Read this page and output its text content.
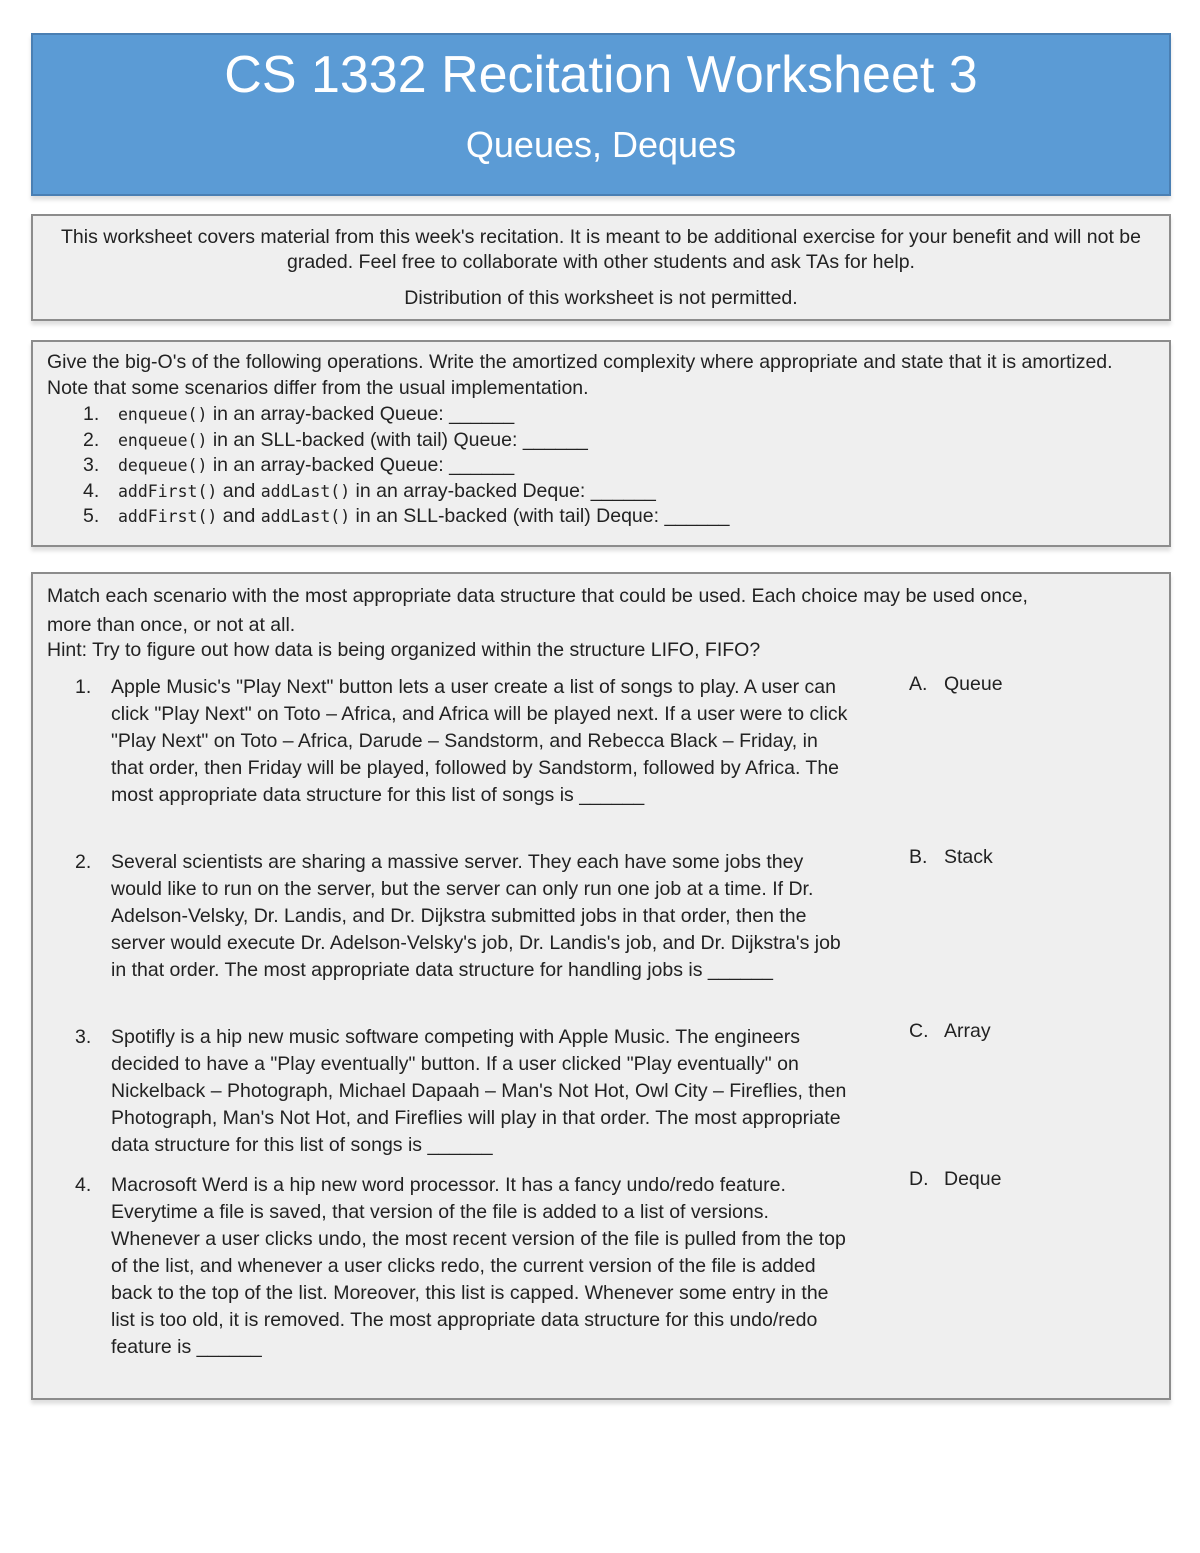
CS 1332 Recitation Worksheet 3
Queues, Deques

This worksheet covers material from this week's recitation. It is meant to be additional exercise for your benefit and will not be graded. Feel free to collaborate with other students and ask TAs for help.

Distribution of this worksheet is not permitted.

Give the big-O's of the following operations. Write the amortized complexity where appropriate and state that it is amortized. Note that some scenarios differ from the usual implementation.

1.	enqueue() in an array-backed Queue: ______
2.	enqueue() in an SLL-backed (with tail) Queue: ______
3.	dequeue() in an array-backed Queue: ______
4.	addFirst() and addLast() in an array-backed Deque: ______
5.	addFirst() and addLast() in an SLL-backed (with tail) Deque: ______

Match each scenario with the most appropriate data structure that could be used. Each choice may be used once, more than once, or not at all.

Hint: Try to figure out how data is being organized within the structure LIFO, FIFO?

1. Apple Music's "Play Next" button lets a user create a list of songs to play. A user can click "Play Next" on Toto – Africa, and Africa will be played next. If a user were to click "Play Next" on Toto – Africa, Darude – Sandstorm, and Rebecca Black – Friday, in that order, then Friday will be played, followed by Sandstorm, followed by Africa. The most appropriate data structure for this list of songs is ______

2. Several scientists are sharing a massive server. They each have some jobs they would like to run on the server, but the server can only run one job at a time. If Dr. Adelson-Velsky, Dr. Landis, and Dr. Dijkstra submitted jobs in that order, then the server would execute Dr. Adelson-Velsky's job, Dr. Landis's job, and Dr. Dijkstra's job in that order. The most appropriate data structure for handling jobs is ______

3. Spotifly is a hip new music software competing with Apple Music. The engineers decided to have a "Play eventually" button. If a user clicked "Play eventually" on Nickelback – Photograph, Michael Dapaah – Man's Not Hot, Owl City – Fireflies, then Photograph, Man's Not Hot, and Fireflies will play in that order. The most appropriate data structure for this list of songs is ______

4. Macrosoft Werd is a hip new word processor. It has a fancy undo/redo feature. Everytime a file is saved, that version of the file is added to a list of versions. Whenever a user clicks undo, the most recent version of the file is pulled from the top of the list, and whenever a user clicks redo, the current version of the file is added back to the top of the list. Moreover, this list is capped. Whenever some entry in the list is too old, it is removed. The most appropriate data structure for this undo/redo feature is ______

A. Queue
B. Stack
C. Array
D. Deque
